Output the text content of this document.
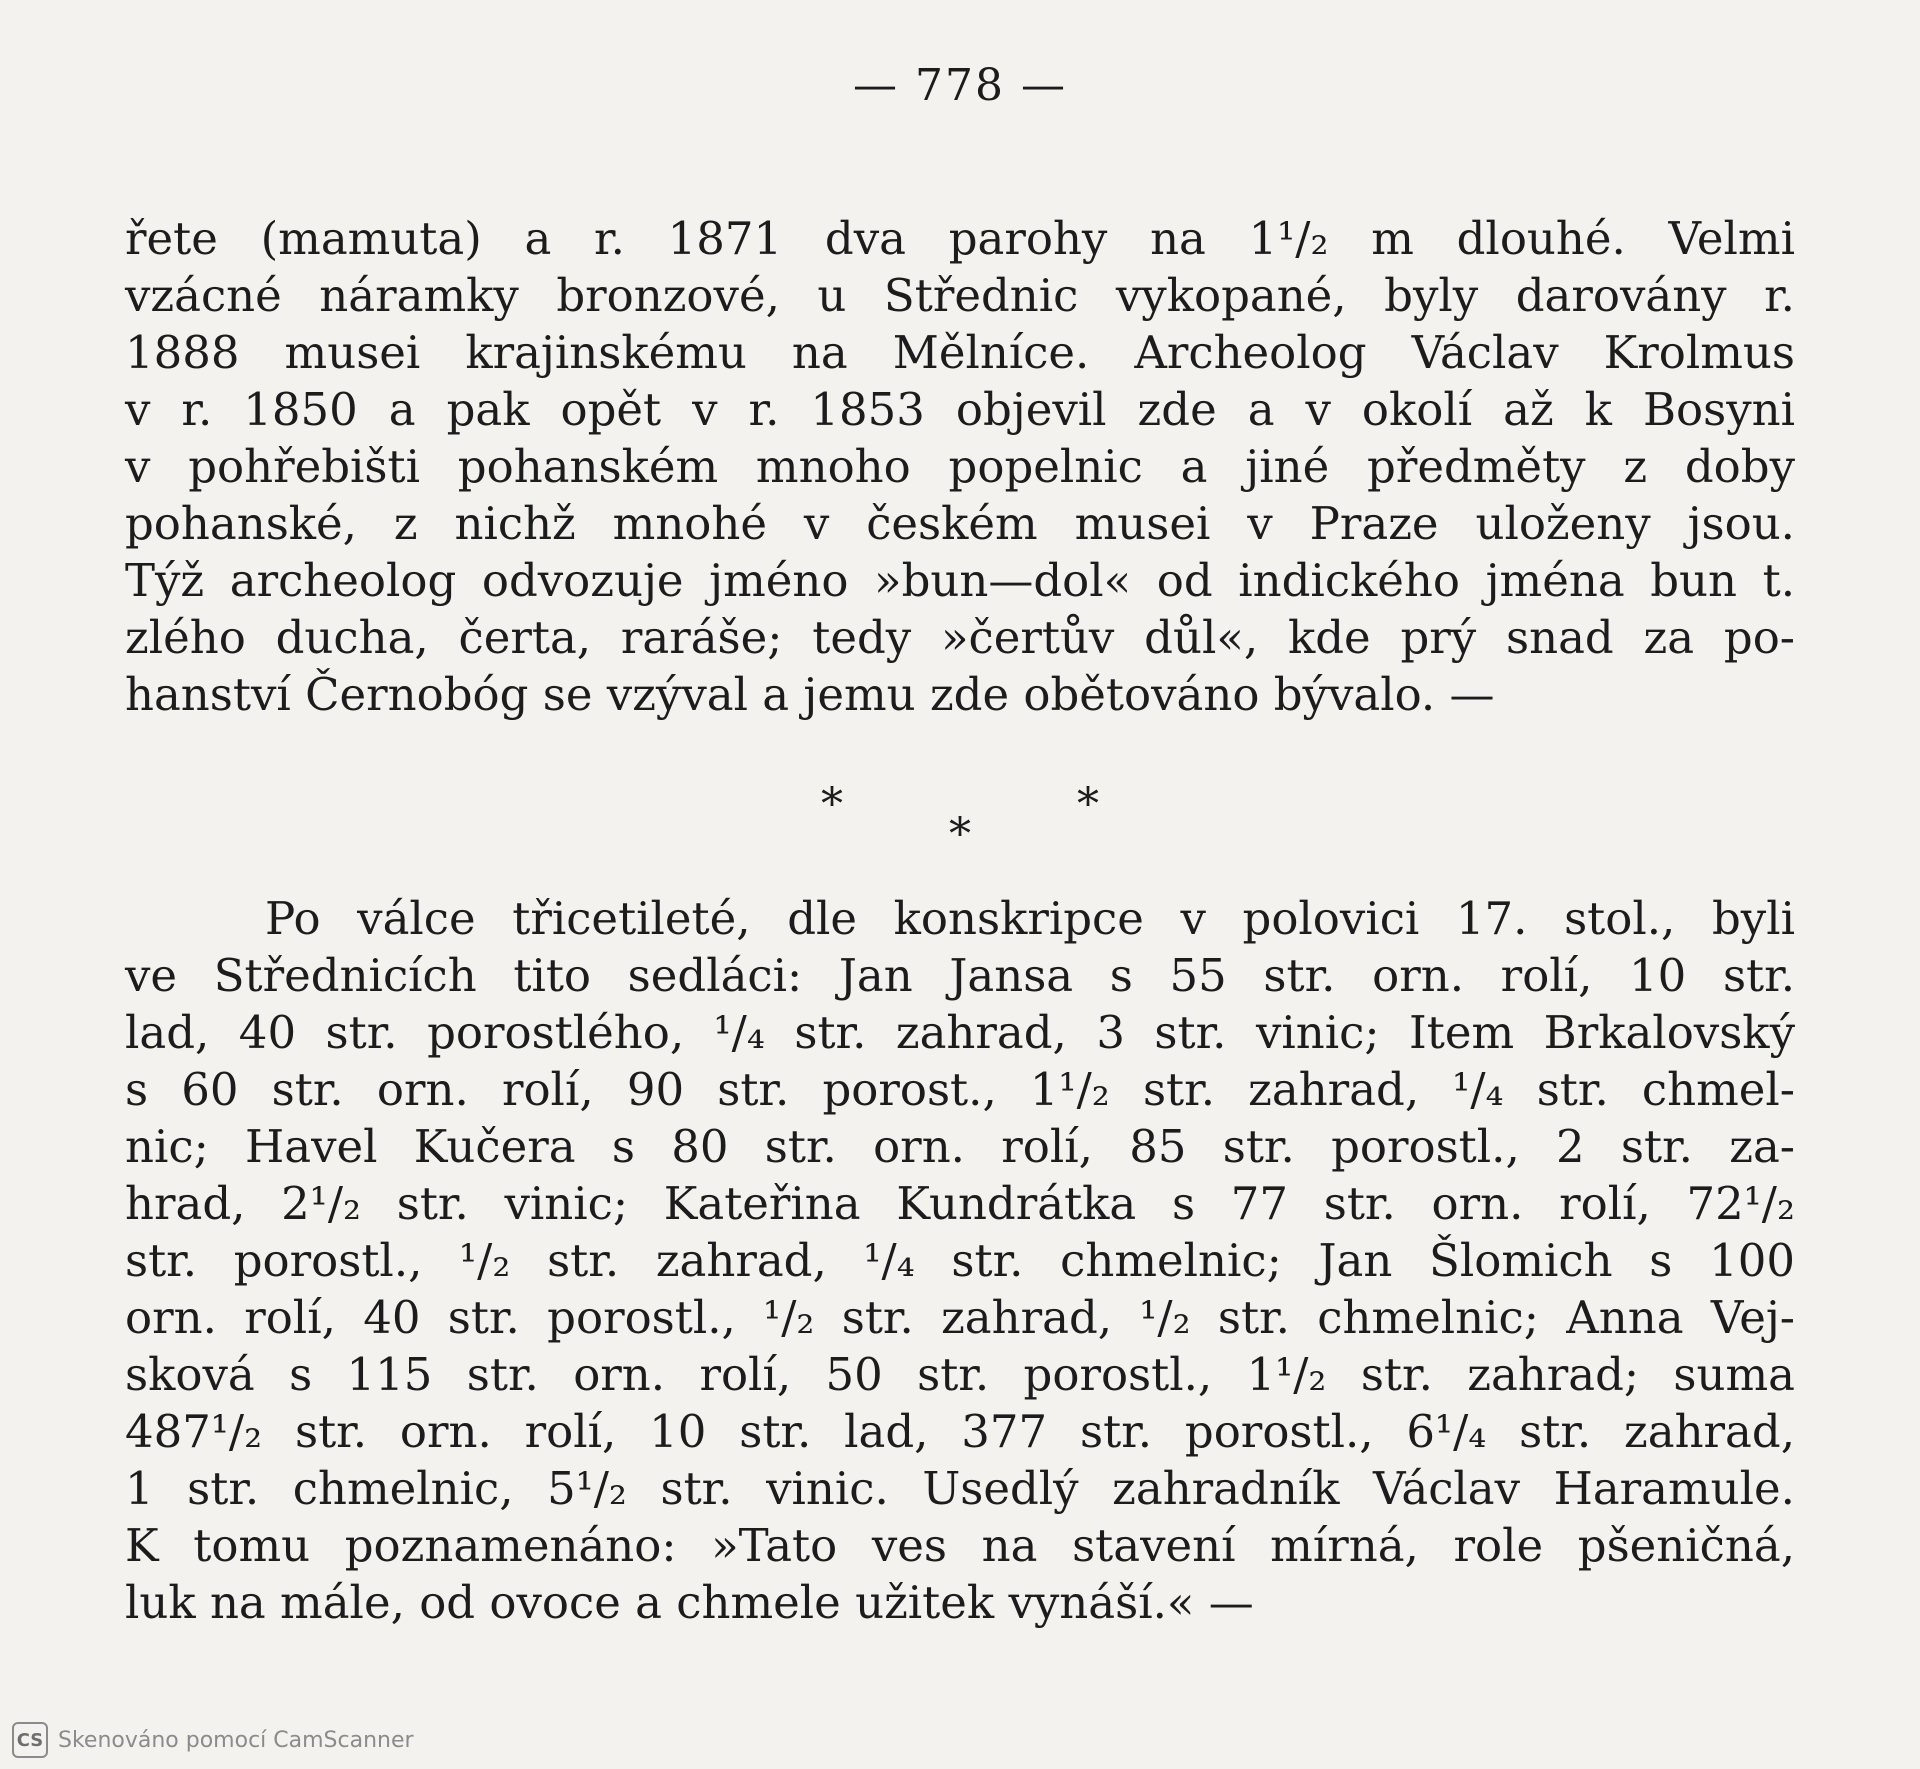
— 778 —
řete (mamuta) a r. 1871 dva parohy na 1¹/₂ m dlouhé. Velmi
vzácné náramky bronzové, u Střednic vykopané, byly darovány r.
1888 musei krajinskému na Mělníce. Archeolog Václav Krolmus
v r. 1850 a pak opět v r. 1853 objevil zde a v okolí až k Bosyni
v pohřebišti pohanském mnoho popelnic a jiné předměty z doby
pohanské, z nichž mnohé v českém musei v Praze uloženy jsou.
Týž archeolog odvozuje jméno »bun—dol« od indického jména bun t.
zlého ducha, čerta, raráše; tedy »čertův důl«, kde prý snad za po-
hanství Černobóg se vzýval a jemu zde obětováno bývalo. —
*	*
*
Po válce třicetileté, dle konskripce v polovici 17. stol., byli
ve Střednicích tito sedláci: Jan Jansa s 55 str. orn. rolí, 10 str.
lad, 40 str. porostlého, ¹/₄ str. zahrad, 3 str. vinic; Item Brkalovský
s 60 str. orn. rolí, 90 str. porost., 1¹/₂ str. zahrad, ¹/₄ str. chmel-
nic; Havel Kučera s 80 str. orn. rolí, 85 str. porostl., 2 str. za-
hrad, 2¹/₂ str. vinic; Kateřina Kundrátka s 77 str. orn. rolí, 72¹/₂
str. porostl., ¹/₂ str. zahrad, ¹/₄ str. chmelnic; Jan Šlomich s 100
orn. rolí, 40 str. porostl., ¹/₂ str. zahrad, ¹/₂ str. chmelnic; Anna Vej-
sková s 115 str. orn. rolí, 50 str. porostl., 1¹/₂ str. zahrad; suma
487¹/₂ str. orn. rolí, 10 str. lad, 377 str. porostl., 6¹/₄ str. zahrad,
1 str. chmelnic, 5¹/₂ str. vinic. Usedlý zahradník Václav Haramule.
K tomu poznamenáno: »Tato ves na stavení mírná, role pšeničná,
luk na mále, od ovoce a chmele užitek vynáší.« —
CS Skenováno pomocí CamScanner
